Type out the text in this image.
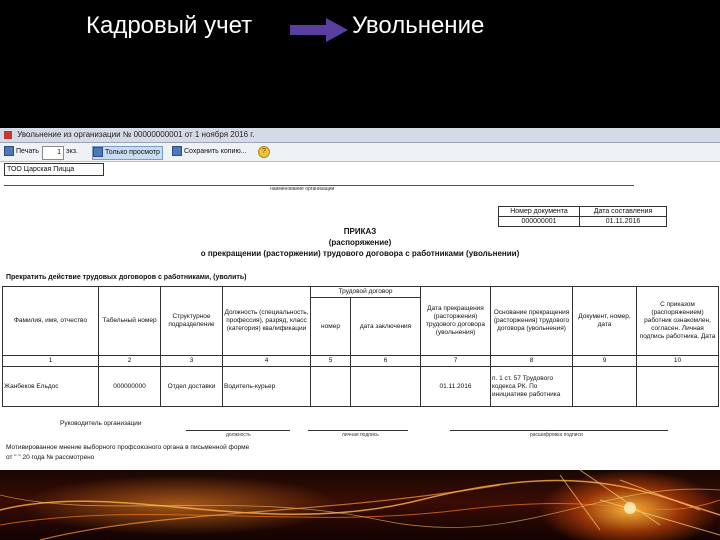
Кадровый учет	Увольнение
Увольнение из организации № 00000000001 от 1 ноября 2016 г.
Печать	1 экз.	Только просмотр	Сохранить копию...	?
ТОО Царская Пицца
наименование организации
Номер документа	Дата составления
000000001	01.11.2016
ПРИКАЗ
(распоряжение)
о прекращении (расторжении) трудового договора с работниками (увольнении)
Прекратить действие трудовых договоров с работниками, (уволить)
Фамилия, имя, отчество	Табельный номер	Структурное подразделение	Должность (специальность, профессия), разряд, класс (категория) квалификации	Трудовой договор		Дата прекращения (расторжения) трудового договора (увольнения)	Основание прекращения (расторжения) трудового договора (увольнения)	Документ, номер, дата	С приказом (распоряжением) работник ознакомлен, согласен. Личная подпись работника. Дата
				номер	дата заключения				
1	2	3	4	5	6	7	8	9	10
Жанбеков Ельдос	000000000	Отдел доставки	Водитель-курьер			01.11.2016	п. 1 ст. 57 Трудового кодекса РК. По инициативе работника		
Руководитель организации
должность	личная подпись	расшифровка подписи
Мотивированное мнение выборного профсоюзного органа в письменной форме
от " " 20 года № рассмотрено
